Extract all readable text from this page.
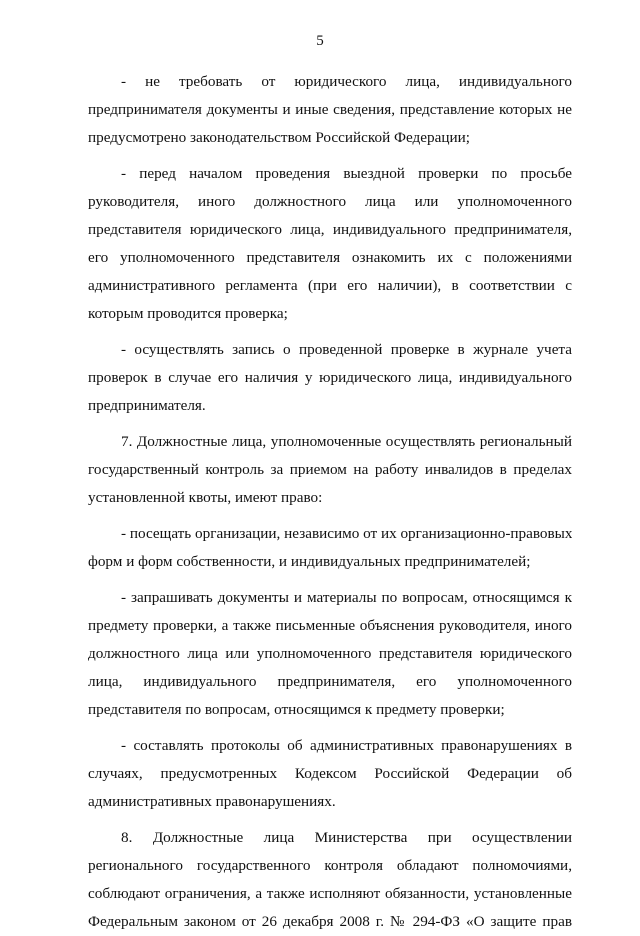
5
- не требовать от юридического лица, индивидуального
предпринимателя документы и иные сведения, представление которых не
предусмотрено законодательством Российской Федерации;
- перед началом проведения выездной проверки по просьбе
руководителя, иного должностного лица или уполномоченного
представителя юридического лица, индивидуального предпринимателя,
его уполномоченного представителя ознакомить их с положениями
административного регламента (при его наличии), в соответствии с
которым проводится проверка;
- осуществлять запись о проведенной проверке в журнале учета
проверок в случае его наличия у юридического лица, индивидуального
предпринимателя.
7. Должностные лица, уполномоченные осуществлять региональный
государственный контроль за приемом на работу инвалидов в пределах
установленной квоты, имеют право:
- посещать организации, независимо от их организационно-правовых
форм и форм собственности, и индивидуальных предпринимателей;
- запрашивать документы и материалы по вопросам, относящимся к
предмету проверки, а также письменные объяснения руководителя, иного
должностного лица или уполномоченного представителя юридического
лица, индивидуального предпринимателя, его уполномоченного
представителя по вопросам, относящимся к предмету проверки;
- составлять протоколы об административных правонарушениях в
случаях, предусмотренных Кодексом Российской Федерации об
административных правонарушениях.
8. Должностные лица Министерства при осуществлении
регионального государственного контроля обладают полномочиями,
соблюдают ограничения, а также исполняют обязанности, установленные
Федеральным законом от 26 декабря 2008 г. № 294-ФЗ «О защите прав
